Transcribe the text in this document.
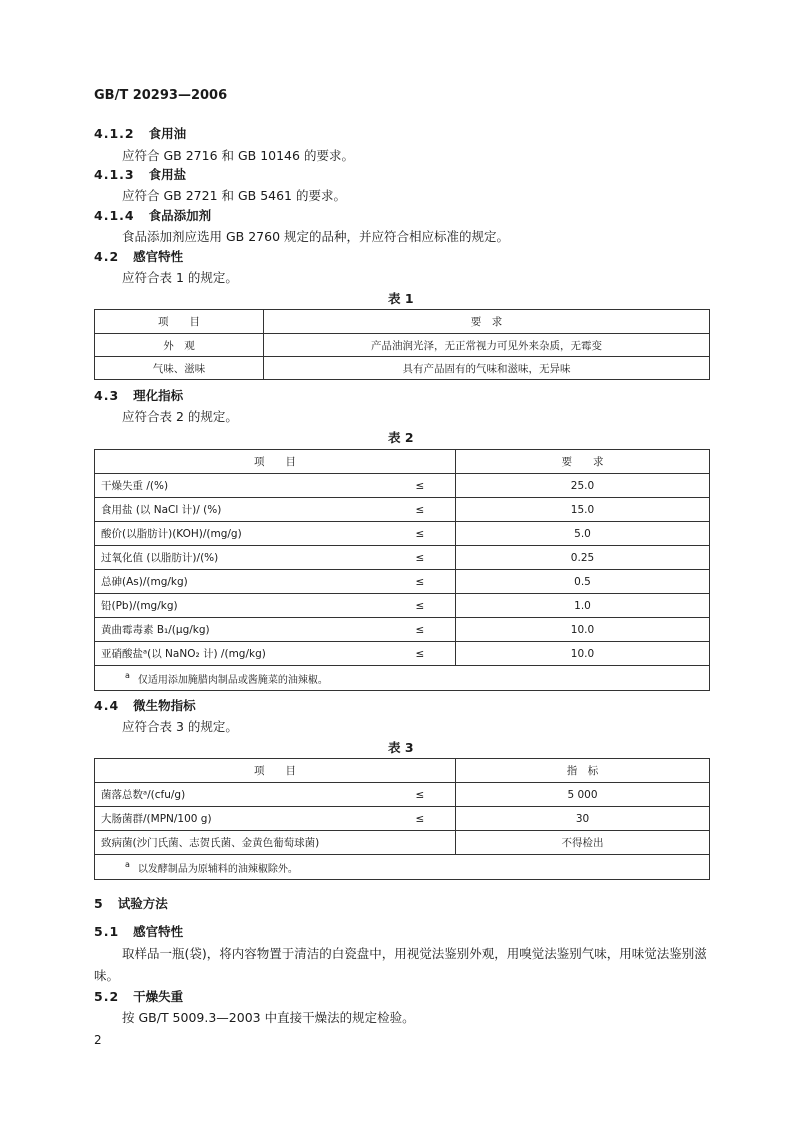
GB/T 20293—2006
4.1.2 食用油
应符合 GB 2716 和 GB 10146 的要求。
4.1.3 食用盐
应符合 GB 2721 和 GB 5461 的要求。
4.1.4 食品添加剂
食品添加剂应选用 GB 2760 规定的品种，并应符合相应标准的规定。
4.2 感官特性
应符合表 1 的规定。
表 1
项　　目	要　求
外　观	产品油润光泽，无正常视力可见外来杂质，无霉变
气味、滋味	具有产品固有的气味和滋味，无异味
4.3 理化指标
应符合表 2 的规定。
表 2
项　　目		要　　求
干燥失重 /(%)	≤	25.0
食用盐 (以 NaCl 计)/ (%)	≤	15.0
酸价(以脂肪计)(KOH)/(mg/g)	≤	5.0
过氧化值 (以脂肪计)/(%)	≤	0.25
总砷(As)/(mg/kg)	≤	0.5
铅(Pb)/(mg/kg)	≤	1.0
黄曲霉毒素 B₁/(μg/kg)	≤	10.0
亚硝酸盐ᵃ(以 NaNO₂ 计) /(mg/kg)	≤	10.0
$^a$ 仅适用添加腌腊肉制品或酱腌菜的油辣椒。		
4.4 微生物指标
应符合表 3 的规定。
表 3
项　　目		指　标
菌落总数ᵃ/(cfu/g)	≤	5 000
大肠菌群/(MPN/100 g)	≤	30
致病菌(沙门氏菌、志贺氏菌、金黄色葡萄球菌)		不得检出
$^a$ 以发酵制品为原辅料的油辣椒除外。		
5 试验方法
5.1 感官特性
取样品一瓶(袋)，将内容物置于清洁的白瓷盘中，用视觉法鉴别外观，用嗅觉法鉴别气味，用味觉法鉴别滋味。
5.2 干燥失重
按 GB/T 5009.3—2003 中直接干燥法的规定检验。
2
